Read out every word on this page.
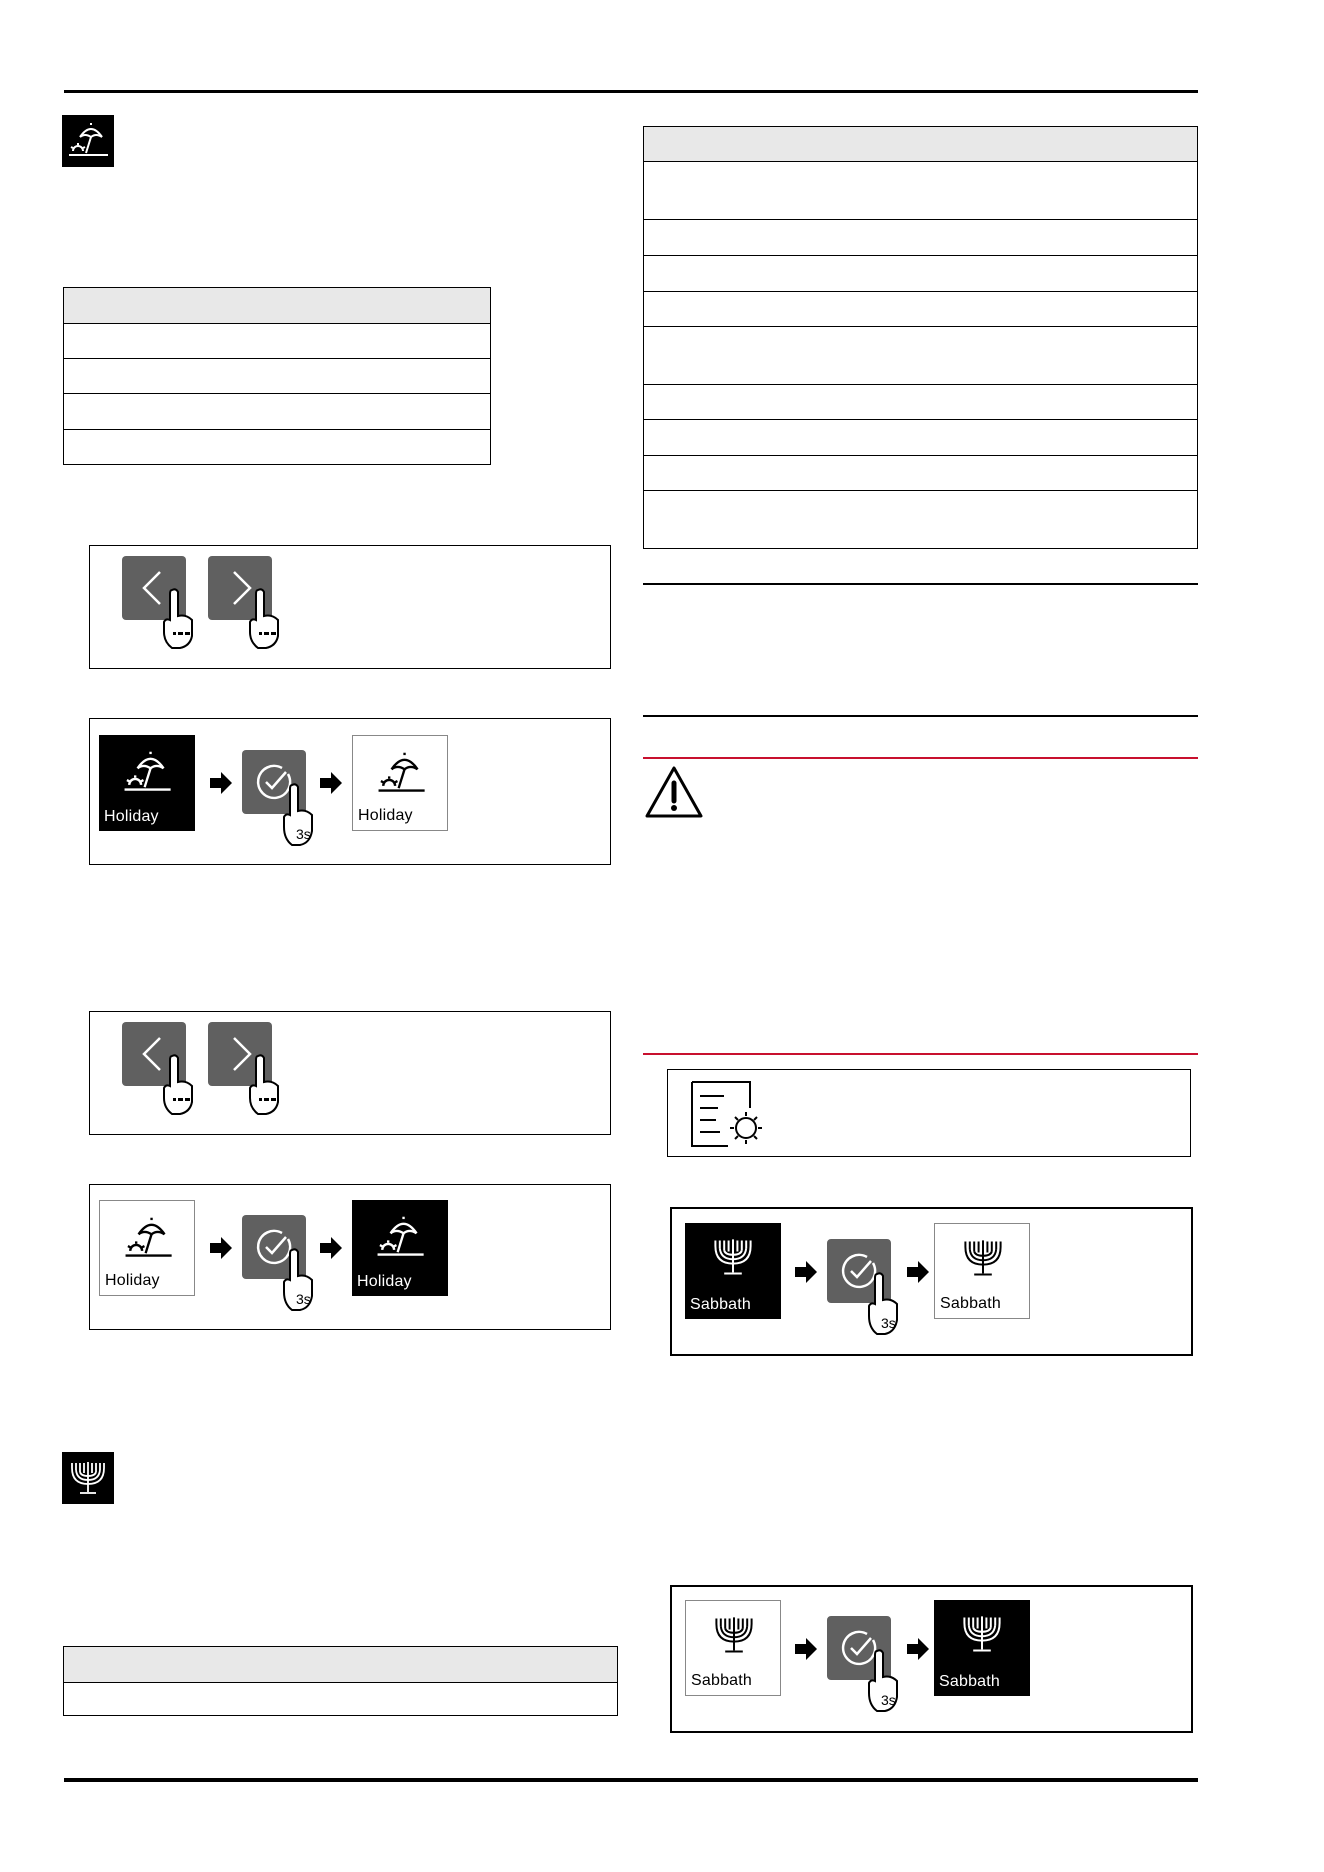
Holiday
3s
Holiday
Holiday
3s
Holiday

Sabbath
3s
Sabbath
Sabbath
3s
Sabbath
